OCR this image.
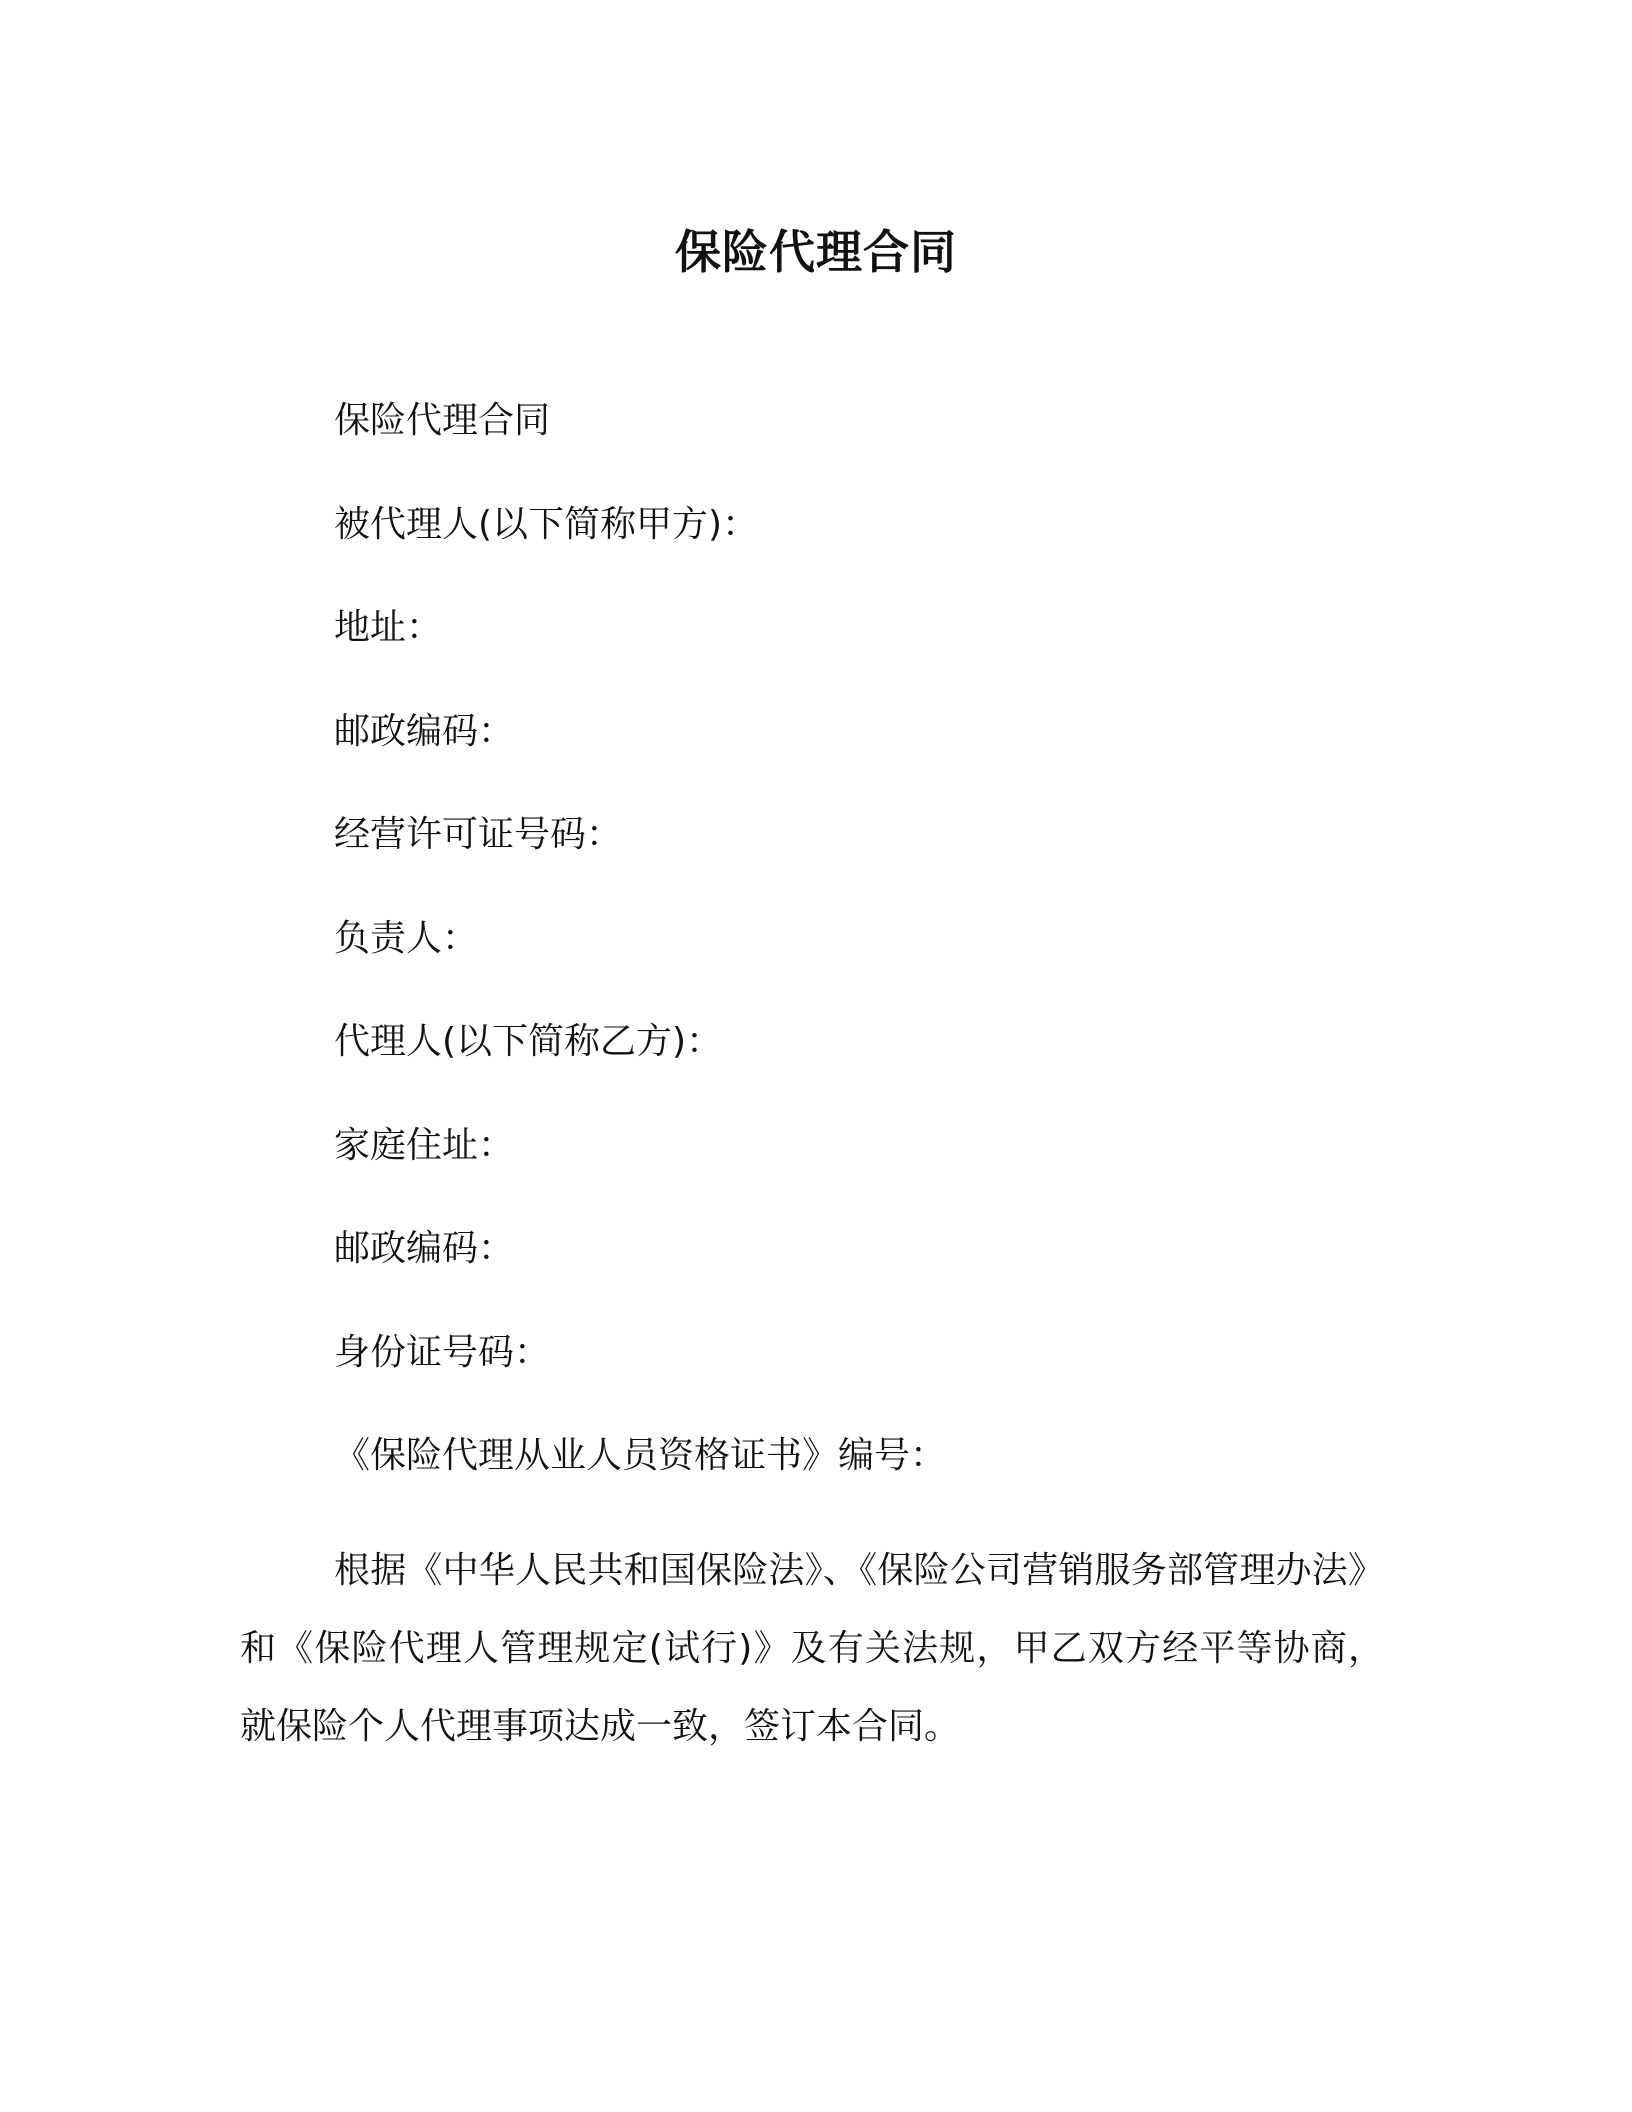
保险代理合同
保险代理合同
被代理人(以下简称甲方)：
地址：
邮政编码：
经营许可证号码：
负责人：
代理人(以下简称乙方)：
家庭住址：
邮政编码：
身份证号码：
《保险代理从业人员资格证书》编号：
根据《中华人民共和国保险法》、《保险公司营销服务部管理办法》和《保险代理人管理规定(试行)》及有关法规，甲乙双方经平等协商，就保险个人代理事项达成一致，签订本合同。
